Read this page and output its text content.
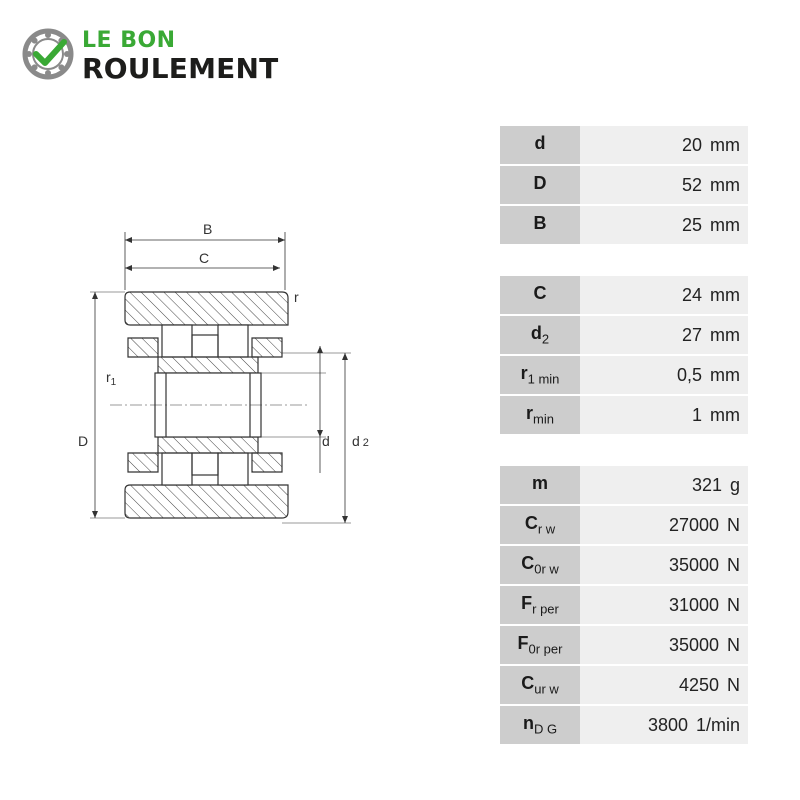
LE BON
ROULEMENT
B
C
r
$r_1$
D	d d 2
d	20 mm
D	52 mm
B	25 mm

C	24 mm
$d_2$	27 mm
$r_{1 min}$	0,5 mm
$r_{min}$	1 mm

m	321 g
$C_{r w}$	27000 N
$C_{0r w}$	35000 N
$F_{r per}$	31000 N
$F_{0r per}$	35000 N
$C_{ur w}$	4250 N
$n_{D G}$	3800 1/min
